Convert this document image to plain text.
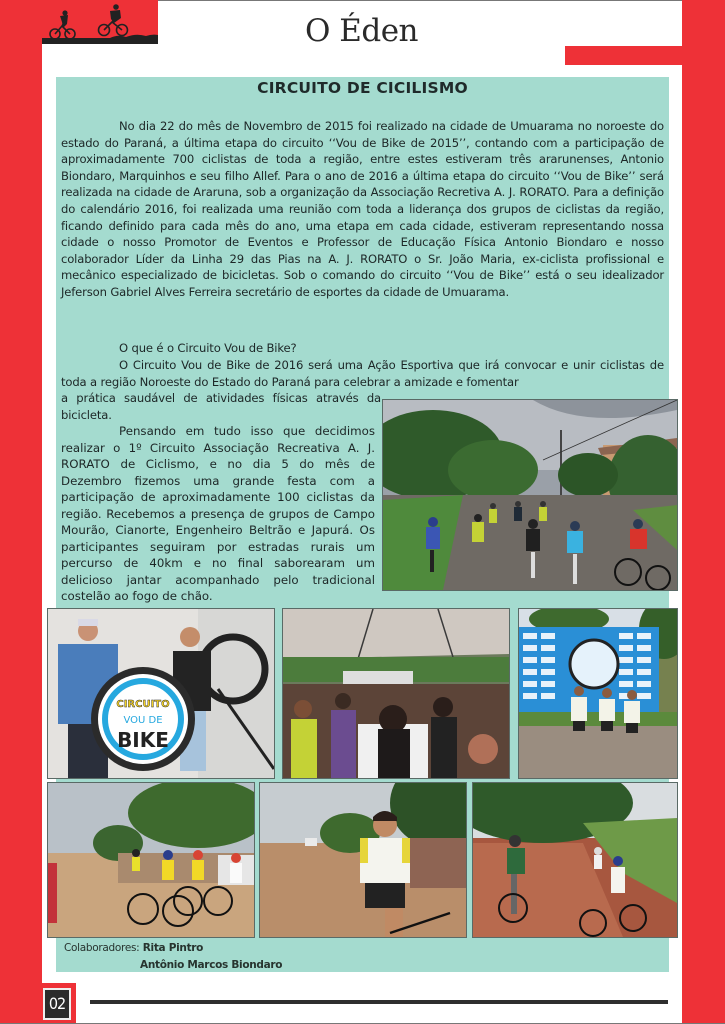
O Éden
CIRCUITO DE CICILISMO

No dia 22 do mês de Novembro de 2015 foi realizado na cidade de Umuarama no noroeste do estado do Paraná, a última etapa do circuito ‘‘Vou de Bike de 2015’’, contando com a participação de aproximadamente 700 ciclistas de toda a região, entre estes estiveram três ararunenses, Antonio Biondaro, Marquinhos e seu filho Allef. Para o ano de 2016 a última etapa do circuito ‘‘Vou de Bike’’ será realizada na cidade de Araruna, sob a organização da Associação Recretiva A. J. RORATO. Para a definição do calendário 2016, foi realizada uma reunião com toda a liderança dos grupos de ciclistas da região, ficando definido para cada mês do ano, uma etapa em cada cidade, estiveram representando nossa cidade o nosso Promotor de Eventos e Professor de Educação Física Antonio Biondaro e nosso colaborador Líder da Linha 29 das Pias na A. J. RORATO o Sr. João Maria, ex-ciclista profissional e mecânico especializado de bicicletas. Sob o comando do circuito ‘‘Vou de Bike’’ está o seu idealizador Jeferson Gabriel Alves Ferreira secretário de esportes da cidade de Umuarama.

O que é o Circuito Vou de Bike?

O Circuito Vou de Bike de 2016 será uma Ação Esportiva que irá convocar e unir ciclistas de toda a região Noroeste do Estado do Paraná para celebrar a amizade e fomentar

a prática saudável de atividades físicas através da bicicleta.

Pensando em tudo isso que decidimos realizar o 1º Circuito Associação Recreativa A. J. RORATO de Ciclismo, e no dia 5 do mês de Dezembro fizemos uma grande festa com a participação de aproximadamente 100 ciclistas da região. Recebemos a presença de grupos de Campo Mourão, Cianorte, Engenheiro Beltrão e Japurá. Os participantes seguiram por estradas rurais um percurso de 40km e no final saborearam um delicioso jantar acompanhado pelo tradicional costelão ao fogo de chão.

CIRCUITO
VOU DE
BIKE
Colaboradores: Rita Pintro
Antônio Marcos Biondaro
02
